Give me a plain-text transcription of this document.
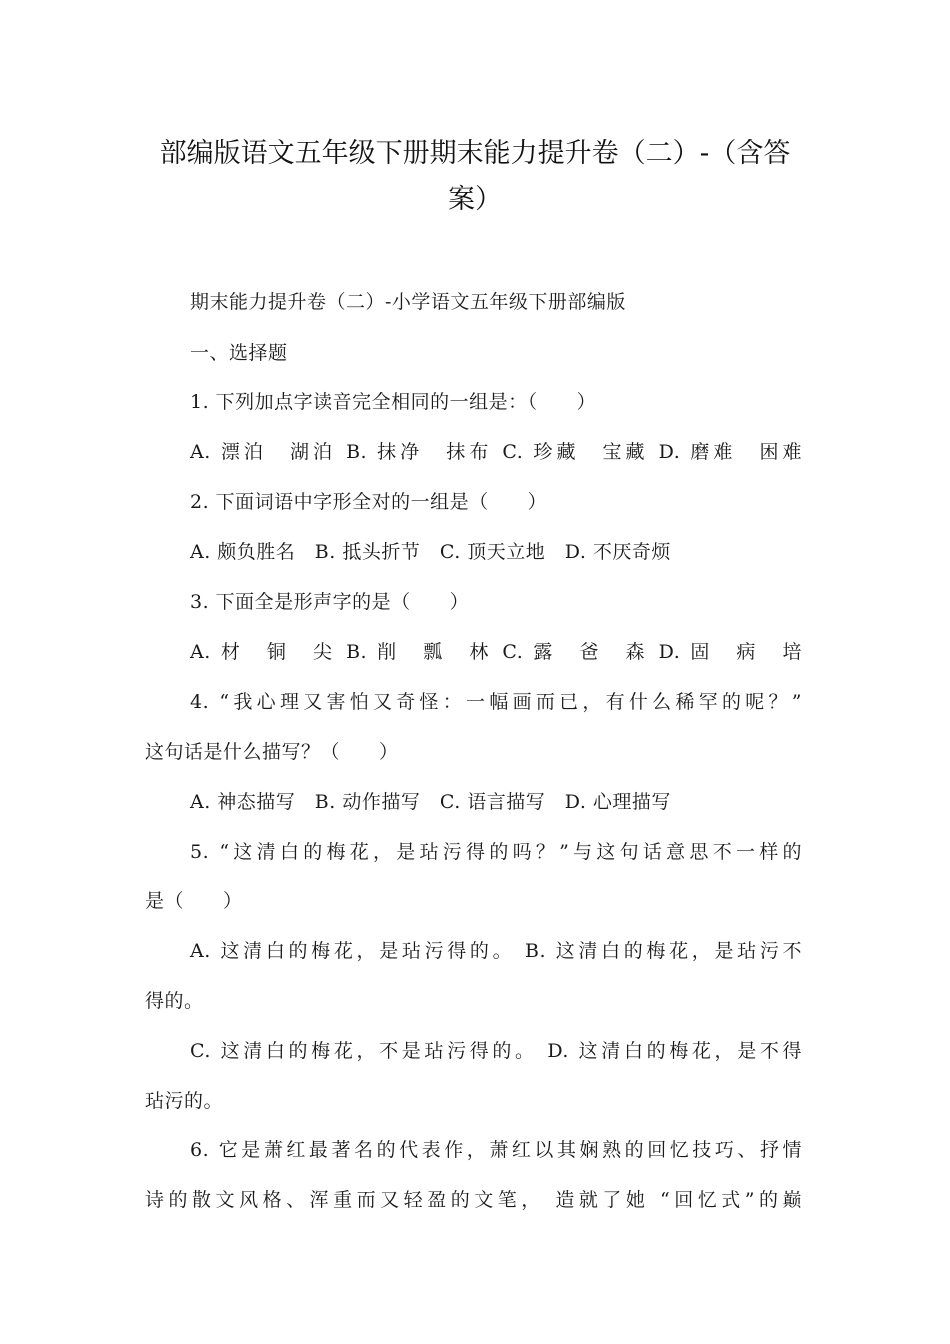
部编版语文五年级下册期末能力提升卷（二）-（含答
案）
期末能力提升卷（二）-小学语文五年级下册部编版
一、选择题
1. 下列加点字读音完全相同的一组是：（　　）
A. 漂泊　湖泊 B. 抹净　抹布 C. 珍藏　宝藏 D. 磨难　困难
2. 下面词语中字形全对的一组是（　　）
A. 颇负胜名　B. 抵头折节　C. 顶天立地　D. 不厌奇烦
3. 下面全是形声字的是（　　）
A. 材　铜　尖 B. 削　瓢　林 C. 露　爸　森 D. 固　病　培
4. “我心理又害怕又奇怪：一幅画而已，有什么稀罕的呢？”
这句话是什么描写？（　　）
A. 神态描写　B. 动作描写　C. 语言描写　D. 心理描写
5. “这清白的梅花，是玷污得的吗？”与这句话意思不一样的
是（　　）
A. 这清白的梅花，是玷污得的。 B. 这清白的梅花，是玷污不
得的。
C. 这清白的梅花，不是玷污得的。 D. 这清白的梅花，是不得
玷污的。
6. 它是萧红最著名的代表作，萧红以其娴熟的回忆技巧、抒情
诗的散文风格、浑重而又轻盈的文笔， 造就了她 “回忆式”的巅
